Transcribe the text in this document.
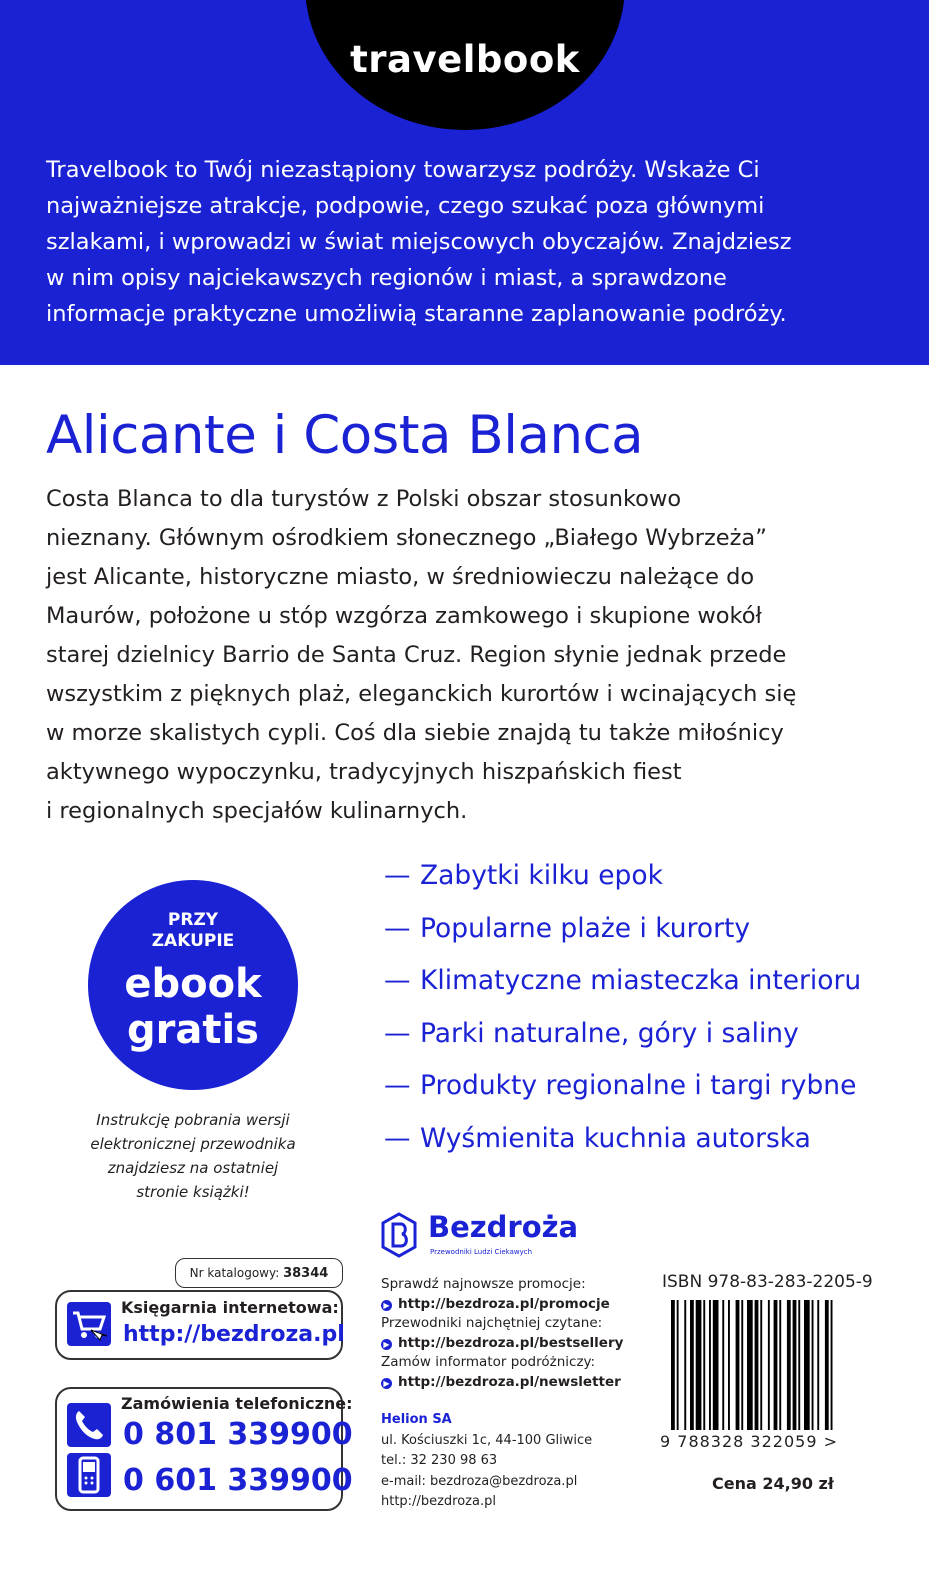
travelbook

Travelbook to Twój niezastąpiony towarzysz podróży. Wskaże Ci
najważniejsze atrakcje, podpowie, czego szukać poza głównymi
szlakami, i wprowadzi w świat miejscowych obyczajów. Znajdziesz
w nim opisy najciekawszych regionów i miast, a sprawdzone
informacje praktyczne umożliwią staranne zaplanowanie podróży.

Alicante i Costa Blanca

Costa Blanca to dla turystów z Polski obszar stosunkowo
nieznany. Głównym ośrodkiem słonecznego „Białego Wybrzeża”
jest Alicante, historyczne miasto, w średniowieczu należące do
Maurów, położone u stóp wzgórza zamkowego i skupione wokół
starej dzielnicy Barrio de Santa Cruz. Region słynie jednak przede
wszystkim z pięknych plaż, eleganckich kurortów i wcinających się
w morze skalistych cypli. Coś dla siebie znajdą tu także miłośnicy
aktywnego wypoczynku, tradycyjnych hiszpańskich fiest
i regionalnych specjałów kulinarnych.

— Zabytki kilku epok
— Popularne plaże i kurorty
— Klimatyczne miasteczka interioru
— Parki naturalne, góry i saliny
— Produkty regionalne i targi rybne
— Wyśmienita kuchnia autorska
PRZY
ZAKUPIE
ebook
gratis

Instrukcję pobrania wersji
elektronicznej przewodnika
znajdziesz na ostatniej
stronie książki!

Nr katalogowy: 38344
Księgarnia internetowa:
http://bezdroza.pl
Zamówienia telefoniczne:
0 801 339900
0 601 339900
Bezdroża
Przewodniki Ludzi Ciekawych
Sprawdź najnowsze promocje:
▶ http://bezdroza.pl/promocje
Przewodniki najchętniej czytane:
▶ http://bezdroza.pl/bestsellery
Zamów informator podróżniczy:
▶ http://bezdroza.pl/newsletter
Helion SA
ul. Kościuszki 1c, 44-100 Gliwice
tel.: 32 230 98 63
e-mail: bezdroza@bezdroza.pl
http://bezdroza.pl
ISBN 978-83-283-2205-9
9 788328 322059 >
Cena 24,90 zł
